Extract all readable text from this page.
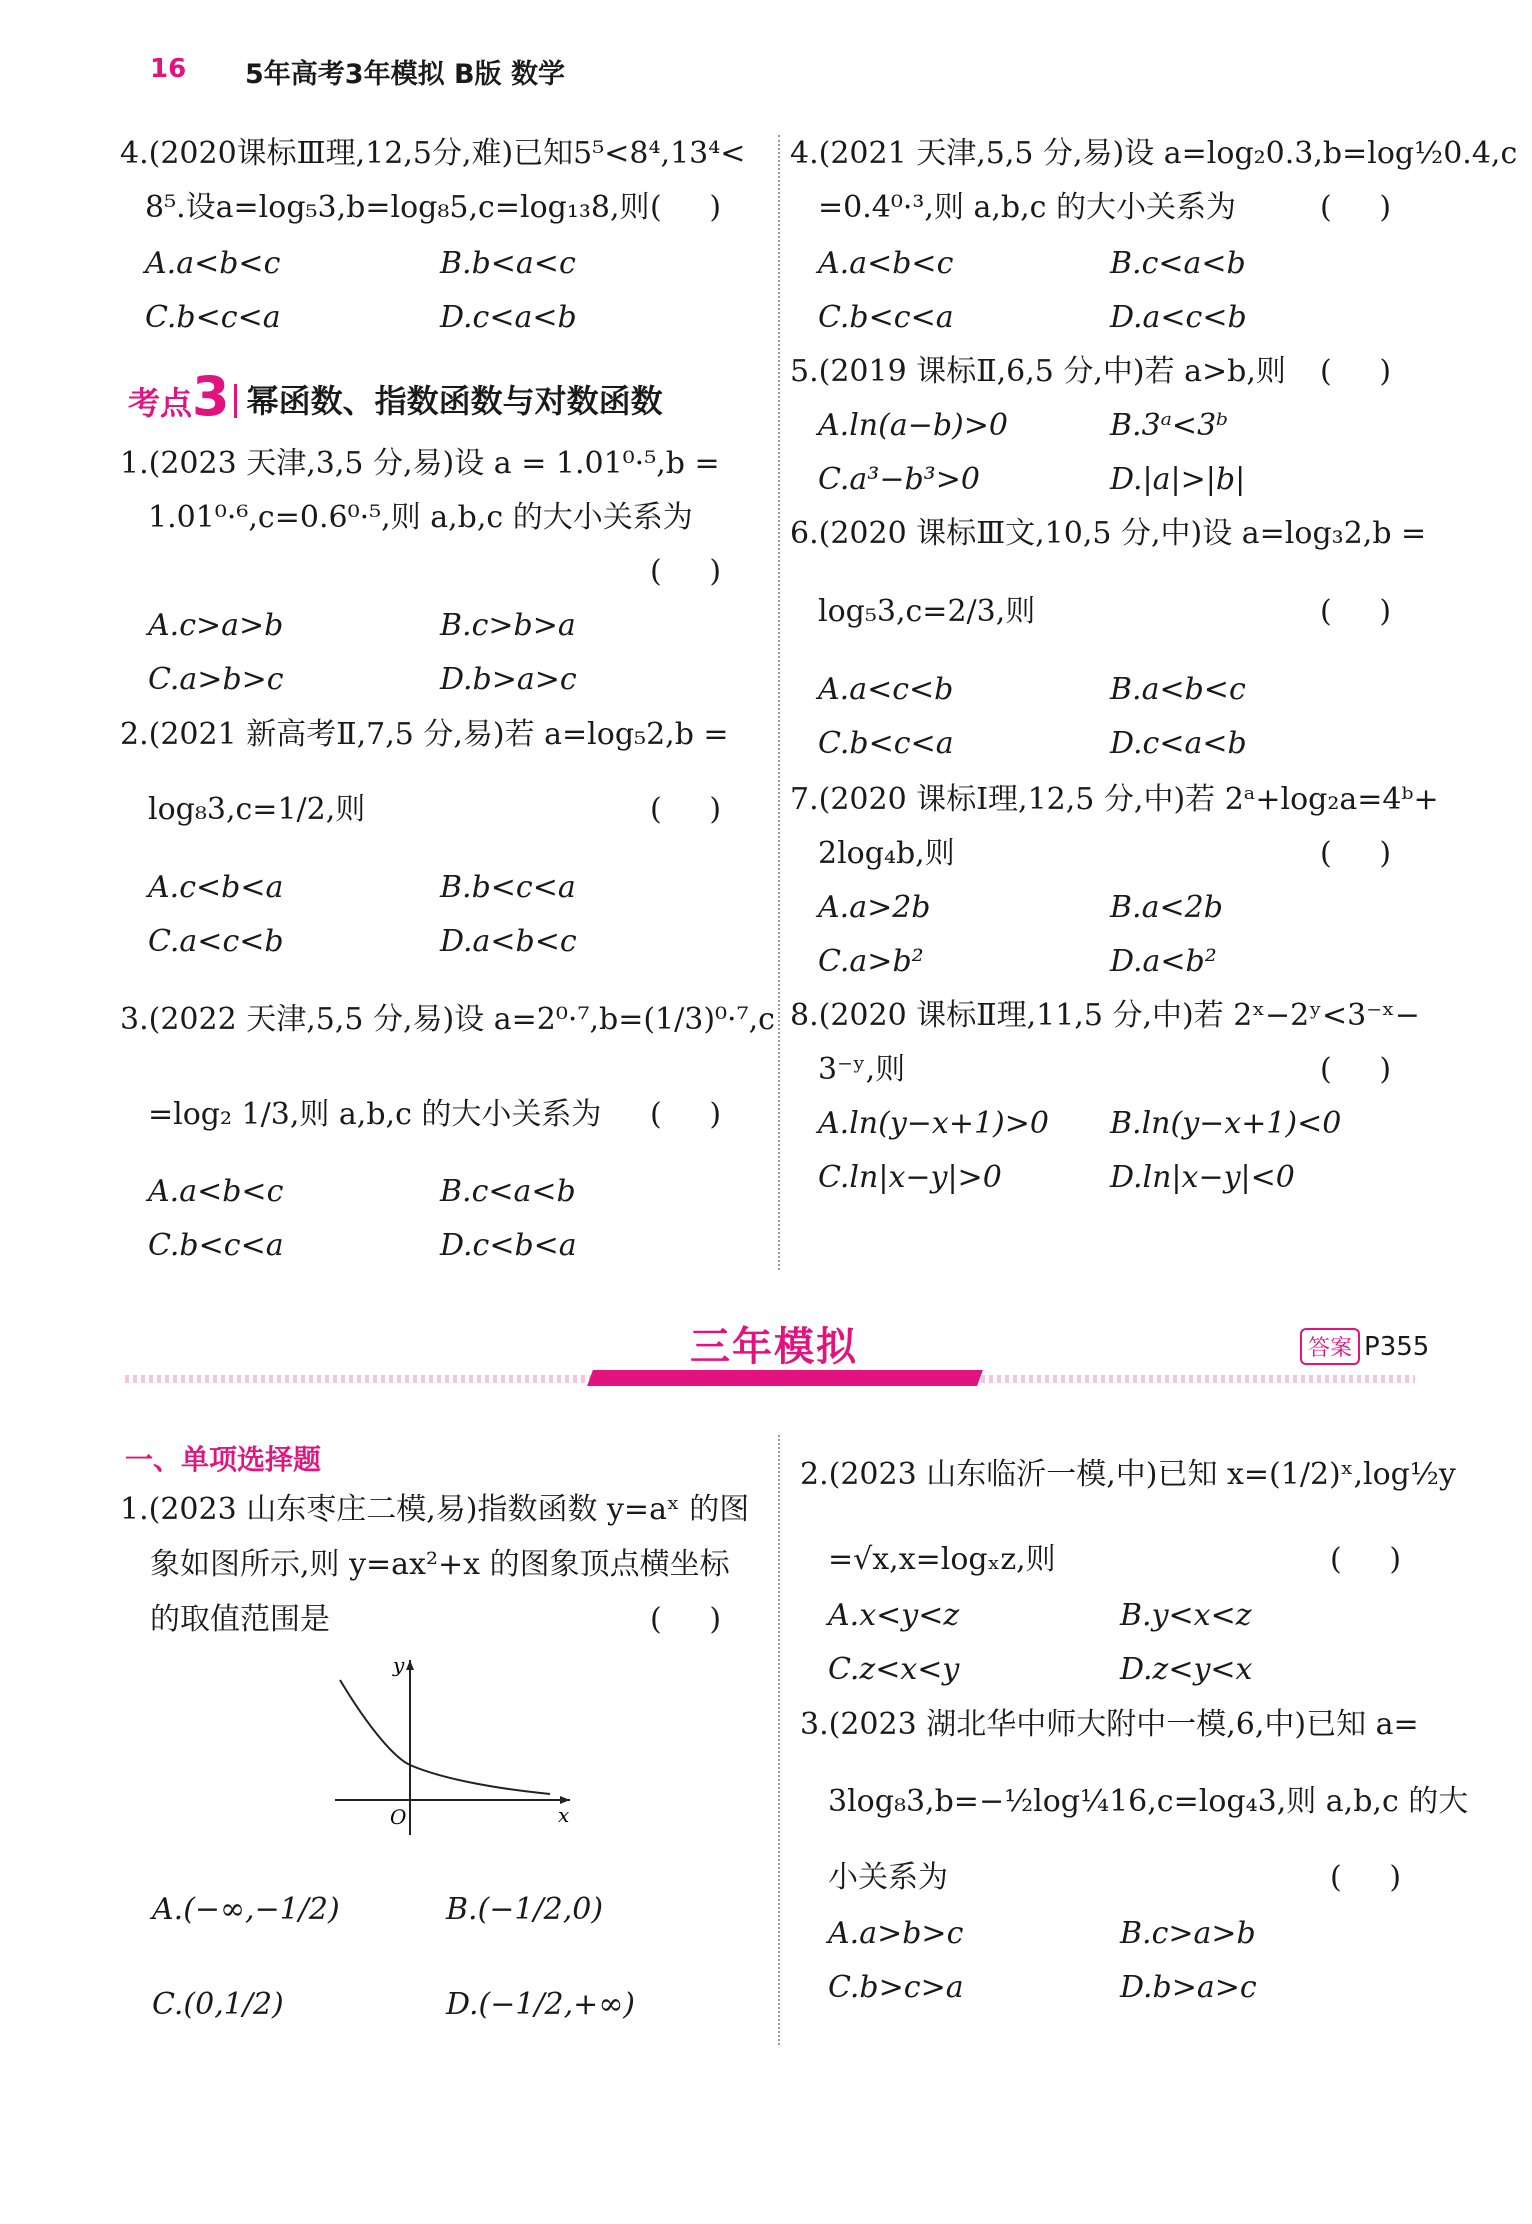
16 5年高考3年模拟 B版 数学
4.(2020课标Ⅲ理,12,5分,难)已知5⁵<8⁴,13⁴<
8⁵.设a=log₅3,b=log₈5,c=log₁₃8,则 (     )
A.a<b<c	B.b<a<c
C.b<c<a	D.c<a<b
考点 3 幂函数、指数函数与对数函数
1.(2023 天津,3,5 分,易)设 a = 1.01⁰·⁵,b =
1.01⁰·⁶,c=0.6⁰·⁵,则 a,b,c 的大小关系为
(     )
A.c>a>b	B.c>b>a
C.a>b>c	D.b>a>c
2.(2021 新高考Ⅱ,7,5 分,易)若 a=log₅2,b =
log₈3,c=1/2,则	(     )
A.c<b<a	B.b<c<a
C.a<c<b	D.a<b<c
3.(2022 天津,5,5 分,易)设 a=2⁰·⁷,b=(1/3)⁰·⁷,c
=log₂ 1/3,则 a,b,c 的大小关系为 (     )
A.a<b<c	B.c<a<b
C.b<c<a	D.c<b<a
4.(2021 天津,5,5 分,易)设 a=log₂0.3,b=log½0.4,c
=0.4⁰·³,则 a,b,c 的大小关系为	(     )
A.a<b<c	B.c<a<b
C.b<c<a	D.a<c<b
5.(2019 课标Ⅱ,6,5 分,中)若 a>b,则 (     )
A.ln(a−b)>0	B.3ᵃ<3ᵇ
C.a³−b³>0	D.|a|>|b|
6.(2020 课标Ⅲ文,10,5 分,中)设 a=log₃2,b =
log₅3,c=2/3,则	(     )
A.a<c<b	B.a<b<c
C.b<c<a	D.c<a<b
7.(2020 课标Ⅰ理,12,5 分,中)若 2ᵃ+log₂a=4ᵇ+
2log₄b,则	(     )
A.a>2b	B.a<2b
C.a>b²	D.a<b²
8.(2020 课标Ⅱ理,11,5 分,中)若 2ˣ−2ʸ<3⁻ˣ−
3⁻ʸ,则	(     )
A.ln(y−x+1)>0 B.ln(y−x+1)<0
C.ln|x−y|>0	D.ln|x−y|<0
三年模拟	答案 P355
一、单项选择题
1.(2023 山东枣庄二模,易)指数函数 y=aˣ 的图
象如图所示,则 y=ax²+x 的图象顶点横坐标
的取值范围是	(     )
y
x
O
A.(−∞,−1/2)	B.(−1/2,0)
C.(0,1/2)	D.(−1/2,+∞)
2.(2023 山东临沂一模,中)已知 x=(1/2)ˣ,log½y
=√x,x=logₓz,则	(     )
A.x<y<z	B.y<x<z
C.z<x<y	D.z<y<x
3.(2023 湖北华中师大附中一模,6,中)已知 a=
3log₈3,b=−½log¼16,c=log₄3,则 a,b,c 的大
小关系为	(     )
A.a>b>c	B.c>a>b
C.b>c>a	D.b>a>c
